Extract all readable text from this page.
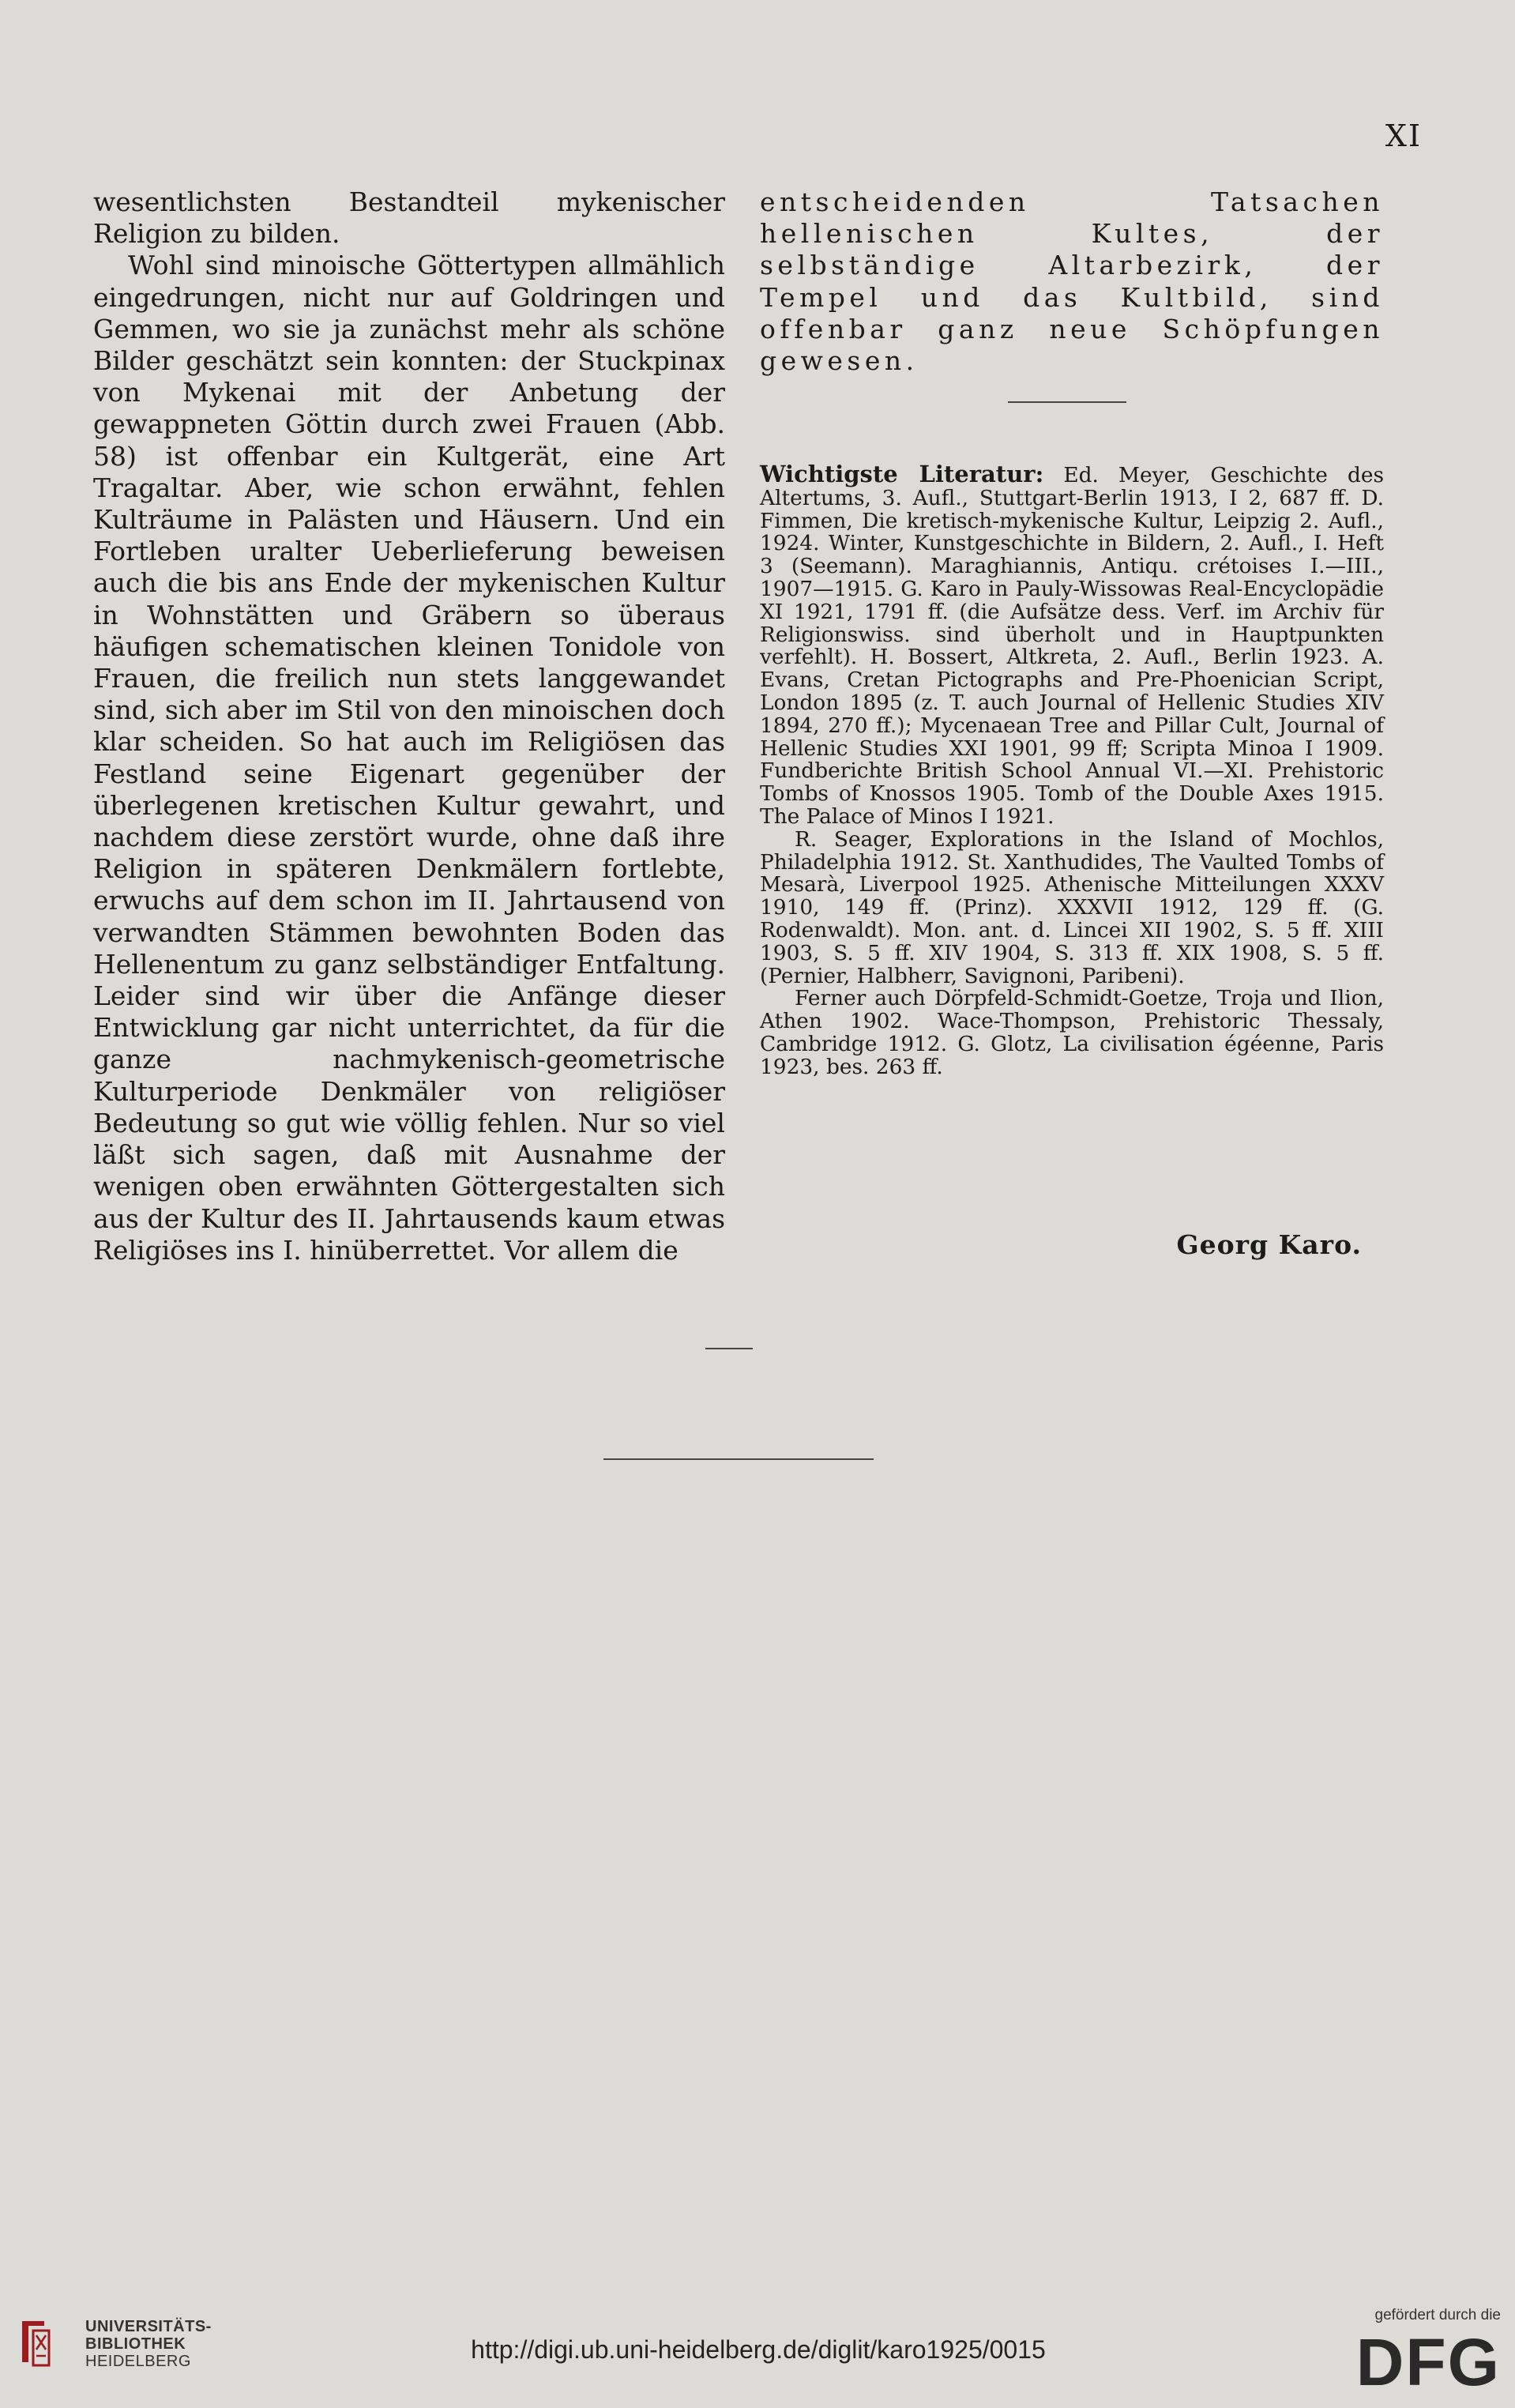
XI

wesentlichsten Bestandteil mykenischer Religion zu bilden.

Wohl sind minoische Göttertypen allmählich eingedrungen, nicht nur auf Goldringen und Gemmen, wo sie ja zunächst mehr als schöne Bilder geschätzt sein konnten: der Stuckpinax von Mykenai mit der Anbetung der gewappneten Göttin durch zwei Frauen (Abb. 58) ist offenbar ein Kultgerät, eine Art Tragaltar. Aber, wie schon erwähnt, fehlen Kulträume in Palästen und Häusern. Und ein Fortleben uralter Ueberlieferung beweisen auch die bis ans Ende der mykenischen Kultur in Wohnstätten und Gräbern so überaus häufigen schematischen kleinen Tonidole von Frauen, die freilich nun stets langgewandet sind, sich aber im Stil von den minoischen doch klar scheiden. So hat auch im Religiösen das Festland seine Eigenart gegenüber der überlegenen kretischen Kultur gewahrt, und nachdem diese zerstört wurde, ohne daß ihre Religion in späteren Denkmälern fortlebte, erwuchs auf dem schon im II. Jahrtausend von verwandten Stämmen bewohnten Boden das Hellenentum zu ganz selbständiger Entfaltung. Leider sind wir über die Anfänge dieser Entwicklung gar nicht unterrichtet, da für die ganze nachmykenisch-geometrische Kulturperiode Denkmäler von religiöser Bedeutung so gut wie völlig fehlen. Nur so viel läßt sich sagen, daß mit Ausnahme der wenigen oben erwähnten Göttergestalten sich aus der Kultur des II. Jahrtausends kaum etwas Religiöses ins I. hinüberrettet. Vor allem die

entscheidenden Tatsachen hellenischen Kultes, der selbständige Altarbezirk, der Tempel und das Kultbild, sind offenbar ganz neue Schöpfungen gewesen.

Wichtigste Literatur: Ed. Meyer, Geschichte des Altertums, 3. Aufl., Stuttgart-Berlin 1913, I 2, 687 ff. D. Fimmen, Die kretisch-mykenische Kultur, Leipzig 2. Aufl., 1924. Winter, Kunstgeschichte in Bildern, 2. Aufl., I. Heft 3 (Seemann). Maraghiannis, Antiqu. crétoises I.—III., 1907—1915. G. Karo in Pauly-Wissowas Real-Encyclopädie XI 1921, 1791 ff. (die Aufsätze dess. Verf. im Archiv für Religionswiss. sind überholt und in Hauptpunkten verfehlt). H. Bossert, Altkreta, 2. Aufl., Berlin 1923. A. Evans, Cretan Pictographs and Pre-Phoenician Script, London 1895 (z. T. auch Journal of Hellenic Studies XIV 1894, 270 ff.); Mycenaean Tree and Pillar Cult, Journal of Hellenic Studies XXI 1901, 99 ff; Scripta Minoa I 1909. Fundberichte British School Annual VI.—XI. Prehistoric Tombs of Knossos 1905. Tomb of the Double Axes 1915. The Palace of Minos I 1921.

R. Seager, Explorations in the Island of Mochlos, Philadelphia 1912. St. Xanthudides, The Vaulted Tombs of Mesarà, Liverpool 1925. Athenische Mitteilungen XXXV 1910, 149 ff. (Prinz). XXXVII 1912, 129 ff. (G. Rodenwaldt). Mon. ant. d. Lincei XII 1902, S. 5 ff. XIII 1903, S. 5 ff. XIV 1904, S. 313 ff. XIX 1908, S. 5 ff. (Pernier, Halbherr, Savignoni, Paribeni).

Ferner auch Dörpfeld-Schmidt-Goetze, Troja und Ilion, Athen 1902. Wace-Thompson, Prehistoric Thessaly, Cambridge 1912. G. Glotz, La civilisation égéenne, Paris 1923, bes. 263 ff.

Georg Karo.
UNIVERSITÄTS-
BIBLIOTHEK
HEIDELBERG	http://digi.ub.uni-heidelberg.de/diglit/karo1925/0015
gefördert durch die
DFG
